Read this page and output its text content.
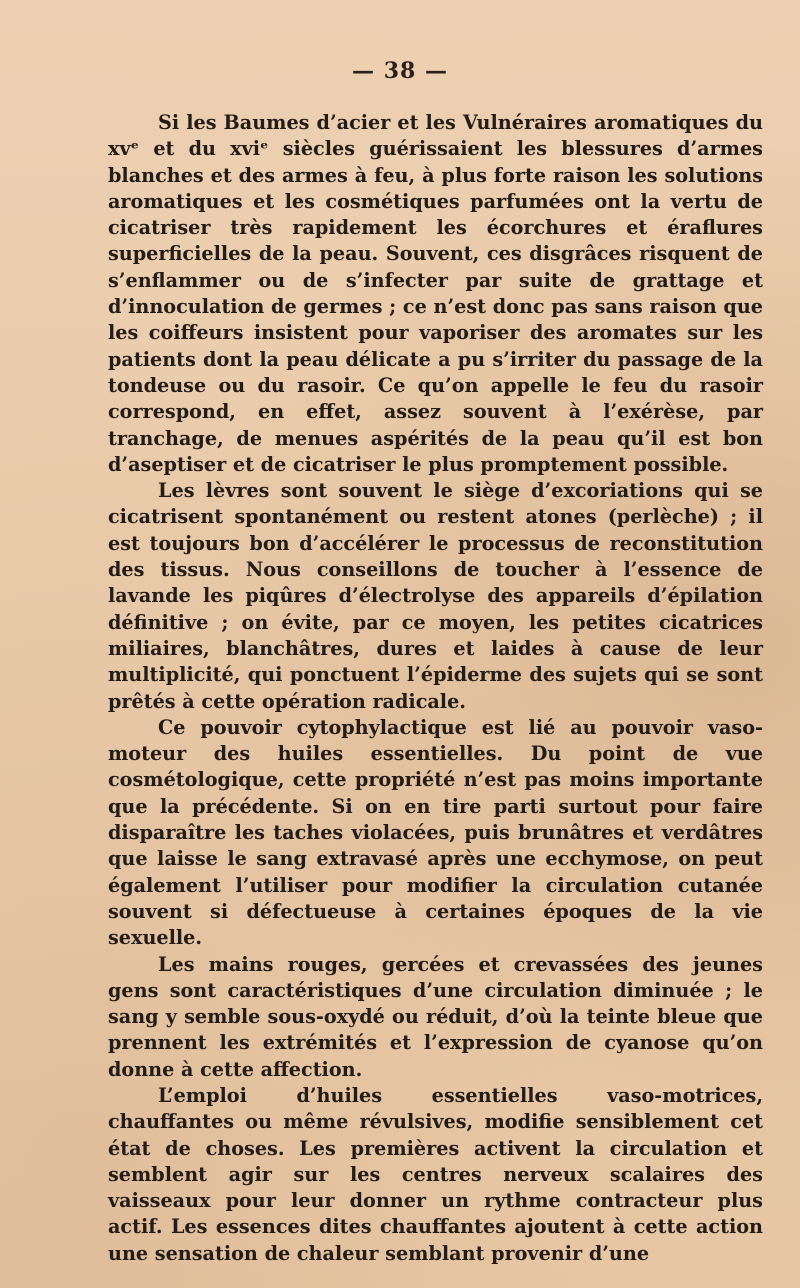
— 38 —

Si les Baumes d’acier et les Vulnéraires aromatiques du xvᵉ et du xviᵉ siècles guérissaient les blessures d’armes blanches et des armes à feu, à plus forte raison les solutions aromatiques et les cosmétiques parfumées ont la vertu de cicatriser très rapidement les écorchures et éraflures superficielles de la peau. Souvent, ces disgrâces risquent de s’enflammer ou de s’infecter par suite de grattage et d’innoculation de germes ; ce n’est donc pas sans raison que les coiffeurs insistent pour vaporiser des aromates sur les patients dont la peau délicate a pu s’irriter du passage de la tondeuse ou du rasoir. Ce qu’on appelle le feu du rasoir correspond, en effet, assez souvent à l’exérèse, par tranchage, de menues aspérités de la peau qu’il est bon d’aseptiser et de cicatriser le plus promptement possible.

Les lèvres sont souvent le siège d’excoriations qui se cicatrisent spontanément ou restent atones (perlèche) ; il est toujours bon d’accélérer le processus de reconstitution des tissus. Nous conseillons de toucher à l’essence de lavande les piqûres d’électrolyse des appareils d’épilation définitive ; on évite, par ce moyen, les petites cicatrices miliaires, blanchâtres, dures et laides à cause de leur multiplicité, qui ponctuent l’épiderme des sujets qui se sont prêtés à cette opération radicale.

Ce pouvoir cytophylactique est lié au pouvoir vaso-moteur des huiles essentielles. Du point de vue cosmétologique, cette propriété n’est pas moins importante que la précédente. Si on en tire parti surtout pour faire disparaître les taches violacées, puis brunâtres et verdâtres que laisse le sang extravasé après une ecchymose, on peut également l’utiliser pour modifier la circulation cutanée souvent si défectueuse à certaines époques de la vie sexuelle.

Les mains rouges, gercées et crevassées des jeunes gens sont caractéristiques d’une circulation diminuée ; le sang y semble sous-oxydé ou réduit, d’où la teinte bleue que prennent les extrémités et l’expression de cyanose qu’on donne à cette affection.

L’emploi d’huiles essentielles vaso-motrices, chauffantes ou même révulsives, modifie sensiblement cet état de choses. Les premières activent la circulation et semblent agir sur les centres nerveux scalaires des vaisseaux pour leur donner un rythme contracteur plus actif. Les essences dites chauffantes ajoutent à cette action une sensation de chaleur semblant provenir d’une
